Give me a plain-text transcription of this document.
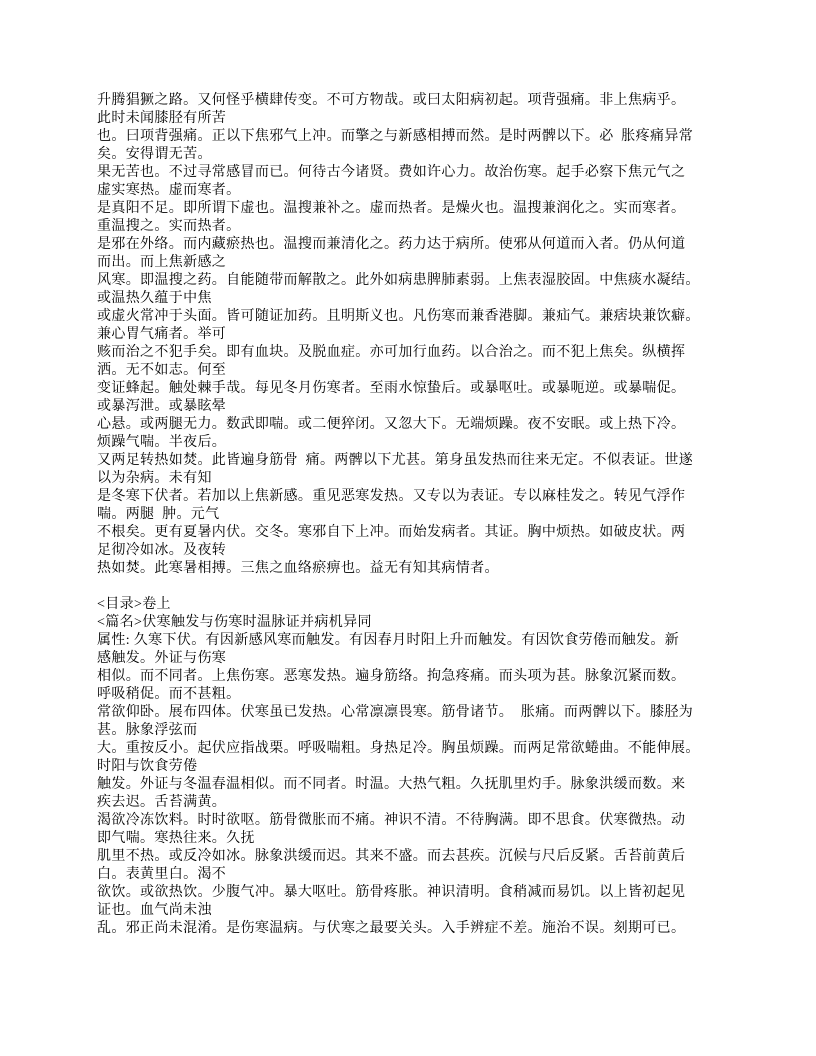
升腾猖獗之路。又何怪乎横肆传变。不可方物哉。或曰太阳病初起。项背强痛。非上焦病乎。
此时未闻膝胫有所苦
也。曰项背强痛。正以下焦邪气上冲。而擎之与新感相搏而然。是时两髀以下。必  胀疼痛异常
矣。安得谓无苦。
果无苦也。不过寻常感冒而已。何待古今诸贤。费如许心力。故治伤寒。起手必察下焦元气之
虚实寒热。虚而寒者。
是真阳不足。即所谓下虚也。温搜兼补之。虚而热者。是燥火也。温搜兼润化之。实而寒者。
重温搜之。实而热者。
是邪在外络。而内藏瘀热也。温搜而兼清化之。药力达于病所。使邪从何道而入者。仍从何道
而出。而上焦新感之
风寒。即温搜之药。自能随带而解散之。此外如病患脾肺素弱。上焦表湿胶固。中焦痰水凝结。
或温热久蕴于中焦
或虚火常冲于头面。皆可随证加药。且明斯义也。凡伤寒而兼香港脚。兼疝气。兼痞块兼饮癖。
兼心胃气痛者。举可
赅而治之不犯手矣。即有血块。及脱血症。亦可加行血药。以合治之。而不犯上焦矣。纵横挥
洒。无不如志。何至
变证蜂起。触处棘手哉。每见冬月伤寒者。至雨水惊蛰后。或暴呕吐。或暴呃逆。或暴喘促。
或暴泻泄。或暴眩晕
心悬。或两腿无力。数武即喘。或二便猝闭。又忽大下。无端烦躁。夜不安眠。或上热下冷。
烦躁气喘。半夜后。
又两足转热如焚。此皆遍身筋骨  痛。两髀以下尤甚。第身虽发热而往来无定。不似表证。世遂
以为杂病。未有知
是冬寒下伏者。若加以上焦新感。重见恶寒发热。又专以为表证。专以麻桂发之。转见气浮作
喘。两腿  肿。元气
不根矣。更有夏暑内伏。交冬。寒邪自下上冲。而始发病者。其证。胸中烦热。如破皮状。两
足彻冷如冰。及夜转
热如焚。此寒暑相搏。三焦之血络瘀痹也。益无有知其病情者。
<目录>卷上
<篇名>伏寒触发与伤寒时温脉证并病机异同
属性: 久寒下伏。有因新感风寒而触发。有因春月时阳上升而触发。有因饮食劳倦而触发。新
感触发。外证与伤寒
相似。而不同者。上焦伤寒。恶寒发热。遍身筋络。拘急疼痛。而头项为甚。脉象沉紧而数。
呼吸稍促。而不甚粗。
常欲仰卧。展布四体。伏寒虽已发热。心常凛凛畏寒。筋骨诸节。  胀痛。而两髀以下。膝胫为
甚。脉象浮弦而
大。重按反小。起伏应指战栗。呼吸喘粗。身热足冷。胸虽烦躁。而两足常欲蜷曲。不能伸展。
时阳与饮食劳倦
触发。外证与冬温春温相似。而不同者。时温。大热气粗。久抚肌里灼手。脉象洪缓而数。来
疾去迟。舌苔满黄。
渴欲冷冻饮料。时时欲呕。筋骨微胀而不痛。神识不清。不待胸满。即不思食。伏寒微热。动
即气喘。寒热往来。久抚
肌里不热。或反冷如冰。脉象洪缓而迟。其来不盛。而去甚疾。沉候与尺后反紧。舌苔前黄后
白。表黄里白。渴不
欲饮。或欲热饮。少腹气冲。暴大呕吐。筋骨疼胀。神识清明。食稍减而易饥。以上皆初起见
证也。血气尚未浊
乱。邪正尚未混淆。是伤寒温病。与伏寒之最要关头。入手辨症不差。施治不误。刻期可已。
